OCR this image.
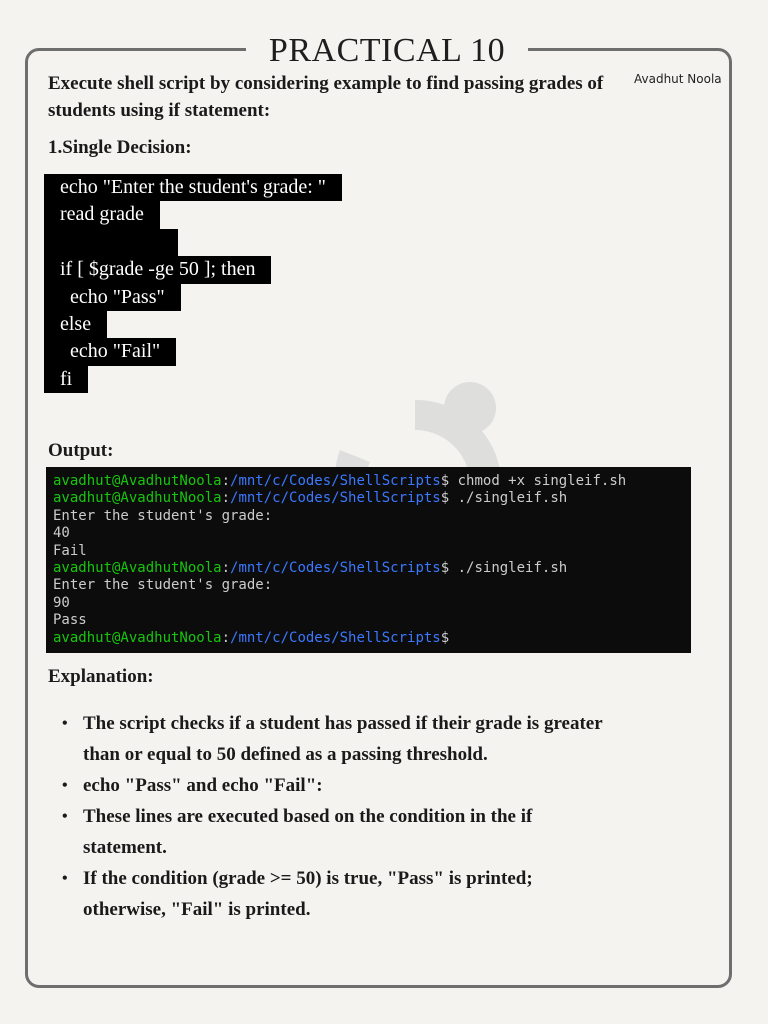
PRACTICAL 10
Avadhut Noola
Execute shell script by considering example to find passing grades of students using if statement:
1.Single Decision:
echo "Enter the student's grade: "
read grade
if [ $grade -ge 50 ]; then
echo "Pass"
else
echo "Fail"
fi
Output:
avadhut@AvadhutNoola:/mnt/c/Codes/ShellScripts$ chmod +x singleif.sh
avadhut@AvadhutNoola:/mnt/c/Codes/ShellScripts$ ./singleif.sh
Enter the student's grade:
40
Fail
avadhut@AvadhutNoola:/mnt/c/Codes/ShellScripts$ ./singleif.sh
Enter the student's grade:
90
Pass
avadhut@AvadhutNoola:/mnt/c/Codes/ShellScripts$
Explanation:
• The script checks if a student has passed if their grade is greater than or equal to 50 defined as a passing threshold.
• echo "Pass" and echo "Fail":
• These lines are executed based on the condition in the if statement.
• If the condition (grade >= 50) is true, "Pass" is printed; otherwise, "Fail" is printed.
